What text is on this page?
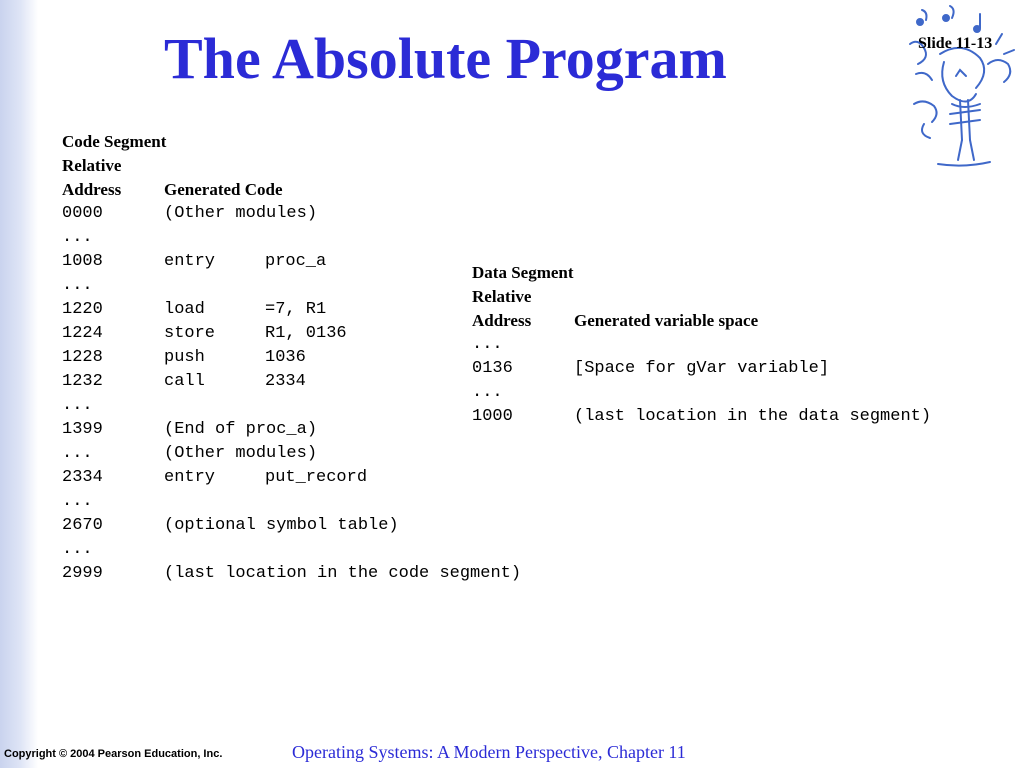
The Absolute Program	Slide 11-13
Code Segment
Relative
Address	Generated Code
0000	(Other modules)
...
1008	entry	proc_a
...
1220	load	=7, R1
1224	store	R1, 0136
1228	push	1036
1232	call	2334
...
1399	(End of proc_a)
...	(Other modules)
2334	entry	put_record
...
2670	(optional symbol table)
...
2999	(last location in the code segment)
Data Segment
Relative
Address	Generated variable space
...
0136	[Space for gVar variable]
...
1000	(last location in the data segment)
Copyright © 2004 Pearson Education, Inc.	Operating Systems: A Modern Perspective, Chapter 11
